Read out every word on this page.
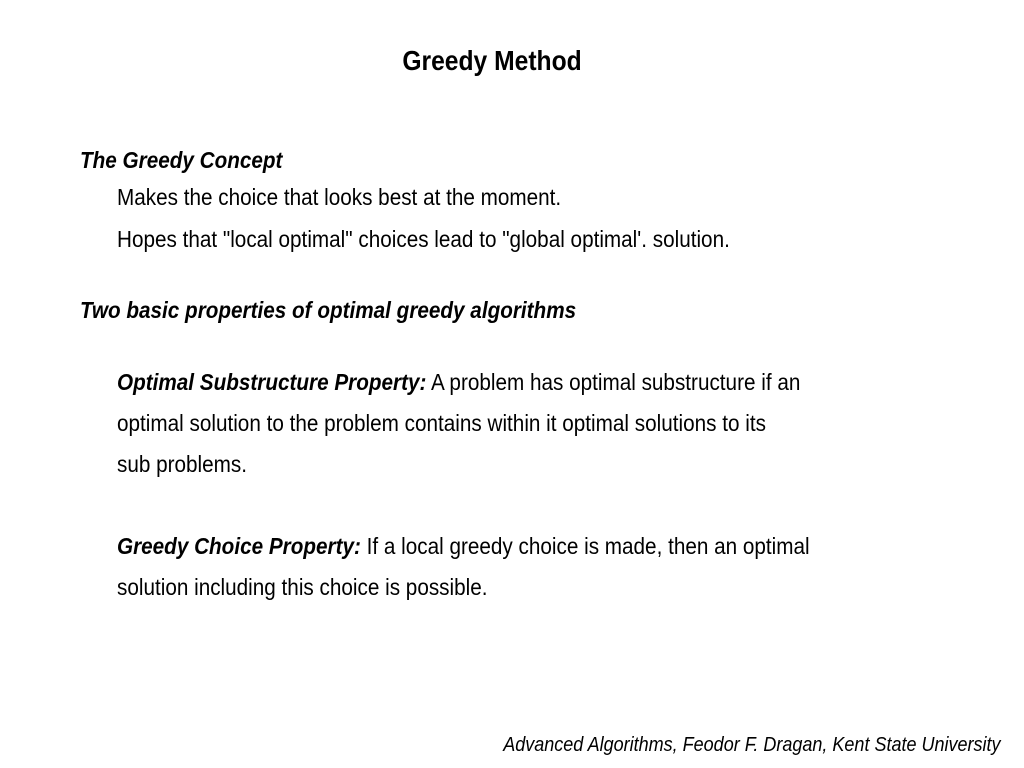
Greedy Method
The Greedy Concept
Makes the choice that looks best at the moment.
Hopes that "local optimal" choices lead to "global optimal'. solution.
Two basic properties of optimal greedy algorithms
Optimal Substructure Property: A problem has optimal substructure if an
optimal solution to the problem contains within it optimal solutions to its
sub problems.
Greedy Choice Property: If a local greedy choice is made, then an optimal
solution including this choice is possible.
Advanced Algorithms, Feodor F. Dragan, Kent State University
